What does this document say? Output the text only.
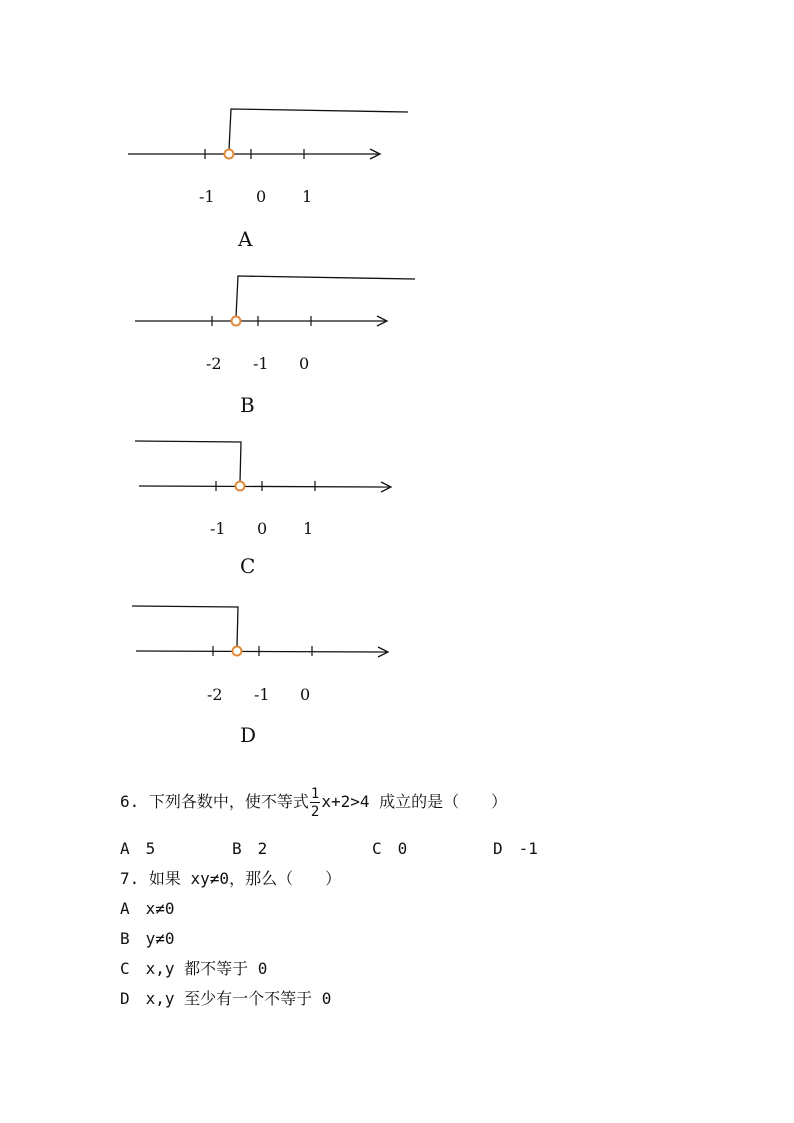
-1	0 1
A
-2 -1 0
B
-1 0 1
C
-2 -1 0
D
6. 下列各数中，使不等式 $\frac{1}{2} x+2>4$ 成立的是（　　）
A　5	B　2	C　0	D　-1
7. 如果 xy≠0，那么（　　）
A　x≠0
B　y≠0
C　x,y 都不等于 0
D　x,y 至少有一个不等于 0
